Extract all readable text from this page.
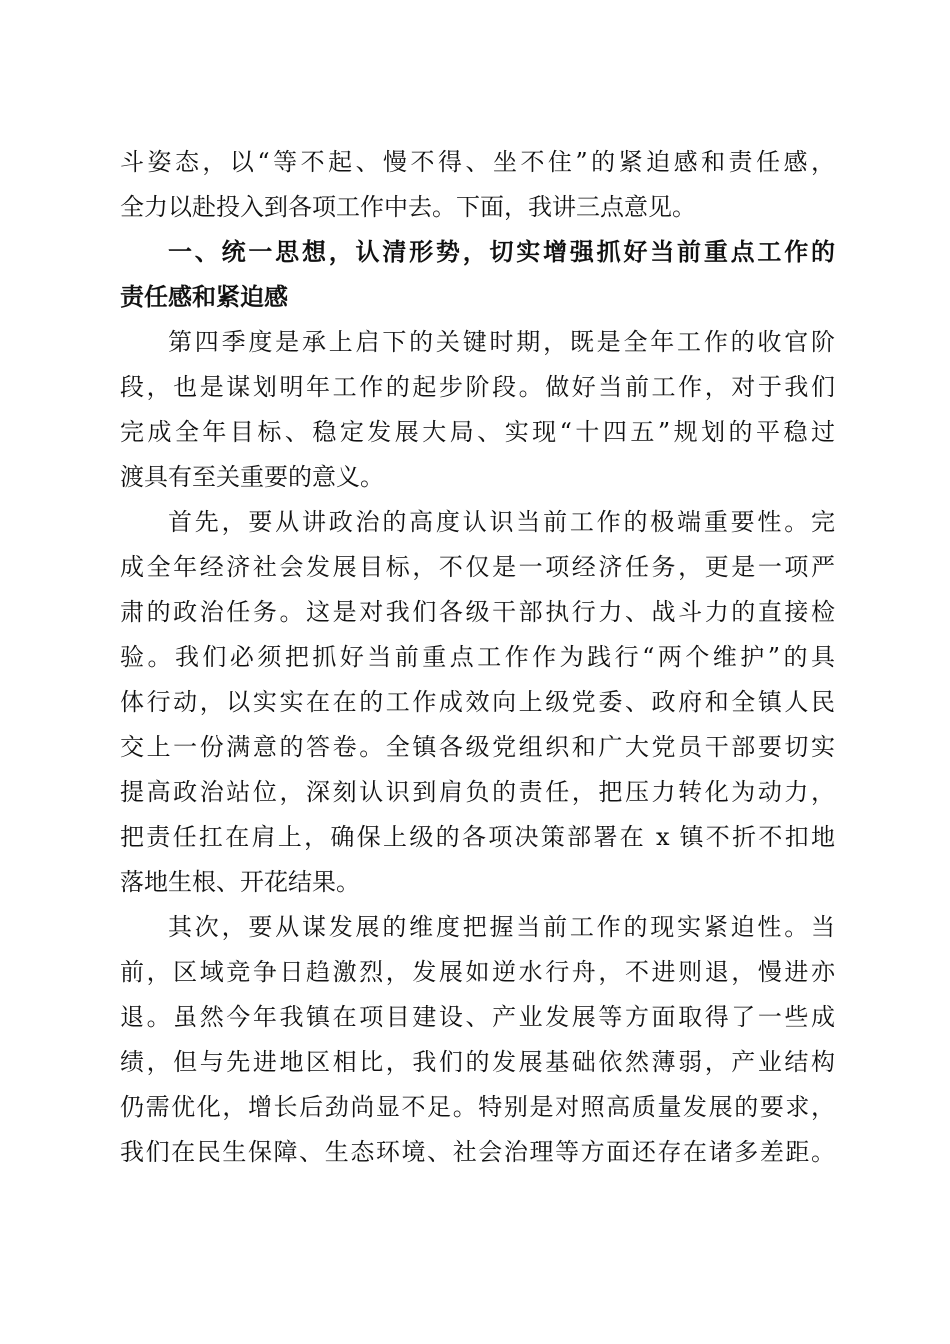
斗姿态，以“等不起、慢不得、坐不住”的紧迫感和责任感，
全力以赴投入到各项工作中去。下面，我讲三点意见。
一、统一思想，认清形势，切实增强抓好当前重点工作的
责任感和紧迫感
第四季度是承上启下的关键时期，既是全年工作的收官阶
段，也是谋划明年工作的起步阶段。做好当前工作，对于我们
完成全年目标、稳定发展大局、实现“十四五”规划的平稳过
渡具有至关重要的意义。
首先，要从讲政治的高度认识当前工作的极端重要性。完
成全年经济社会发展目标，不仅是一项经济任务，更是一项严
肃的政治任务。这是对我们各级干部执行力、战斗力的直接检
验。我们必须把抓好当前重点工作作为践行“两个维护”的具
体行动，以实实在在的工作成效向上级党委、政府和全镇人民
交上一份满意的答卷。全镇各级党组织和广大党员干部要切实
提高政治站位，深刻认识到肩负的责任，把压力转化为动力，
把责任扛在肩上，确保上级的各项决策部署在 x 镇不折不扣地
落地生根、开花结果。
其次，要从谋发展的维度把握当前工作的现实紧迫性。当
前，区域竞争日趋激烈，发展如逆水行舟，不进则退，慢进亦
退。虽然今年我镇在项目建设、产业发展等方面取得了一些成
绩，但与先进地区相比，我们的发展基础依然薄弱，产业结构
仍需优化，增长后劲尚显不足。特别是对照高质量发展的要求，
我们在民生保障、生态环境、社会治理等方面还存在诸多差距。
